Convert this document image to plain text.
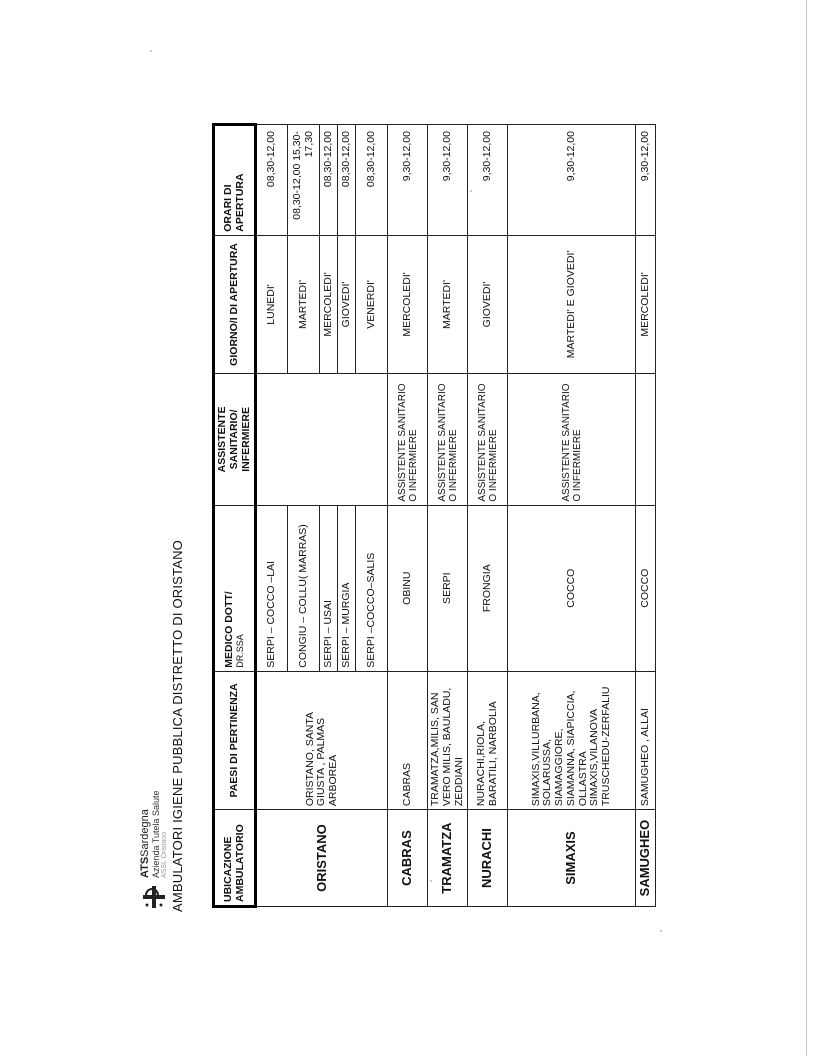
ATSSardegna Azienda Tutela Salute ASSL Oristano AMBULATORI IGIENE PUBBLICA DISTRETTO DI ORISTANO	UBICAZIONE AMBULATORIO	PAESI DI PERTINENZA	MEDICO DOTT/ DR.SSA	ASSISTENTE SANITARIO/ INFERMIERE	GIORNO/I DI APERTURA	ORARI DI APERTURA
ORISTANO	ORISTANO, SANTA GIUSTA , PALMAS ARBOREA	SERPI – COCCO –LAI		LUNEDI'	08,30-12,00
		CONGIU – COLLU( MARRAS)		MARTEDI'	08,30-12,00 15,30-17,30
		SERPI – USAI		MERCOLEDI'	08,30-12,00
		SERPI – MURGIA		GIOVEDI'	08,30-12,00
		SERPI –COCCO–SALIS		VENERDI'	08,30-12,00
CABRAS	CABRAS	OBINU	ASSISTENTE SANITARIO O INFERMIERE	MERCOLEDI'	9,30-12,00
TRAMATZA	TRAMATZA,MILIS, SAN VERO MILIS, BAULADU, ZEDDIANI	SERPI	ASSISTENTE SANITARIO O INFERMIERE	MARTEDI'	9,30-12,00
NURACHI	NURACHI,RIOLA, BARATILI, NARBOLIA	FRONGIA	ASSISTENTE SANITARIO O INFERMIERE	GIOVEDI'	9,30-12,00
SIMAXIS	SIMAXIS,VILLURBANA, SOLARUSSA, SIAMAGGIORE, SIAMANNA, SIAPICCIA, OLLASTRA SIMAXIS,VILANOVA TRUSCHEDU-ZERFALIU	COCCO	ASSISTENTE SANITARIO O INFERMIERE	MARTEDI' E GIOVEDI'	9,30-12,00
SAMUGHEO	SAMUGHEO , ALLAI	COCCO		MERCOLEDI'	9,30-12,00
